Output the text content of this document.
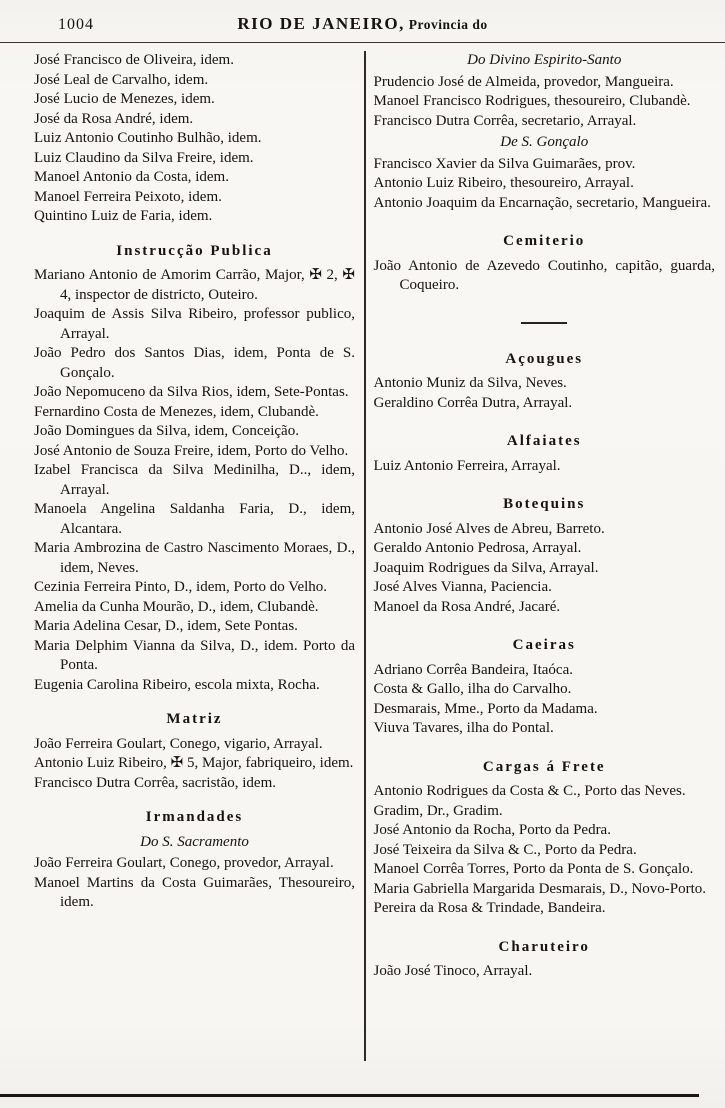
1004	RIO DE JANEIRO, Provincia do

José Francisco de Oliveira, idem.

José Leal de Carvalho, idem.

José Lucio de Menezes, idem.

José da Rosa André, idem.

Luiz Antonio Coutinho Bulhão, idem.

Luiz Claudino da Silva Freire, idem.

Manoel Antonio da Costa, idem.

Manoel Ferreira Peixoto, idem.

Quintino Luiz de Faria, idem.

Instrucção Publica

Mariano Antonio de Amorim Carrão, Major, ✠ 2, ✠ 4, inspector de districto, Outeiro.

Joaquim de Assis Silva Ribeiro, professor publico, Arrayal.

João Pedro dos Santos Dias, idem, Ponta de S. Gonçalo.

João Nepomuceno da Silva Rios, idem, Sete-Pontas.

Fernardino Costa de Menezes, idem, Clubandè.

João Domingues da Silva, idem, Conceição.

José Antonio de Souza Freire, idem, Porto do Velho.

Izabel Francisca da Silva Medinilha, D.., idem, Arrayal.

Manoela Angelina Saldanha Faria, D., idem, Alcantara.

Maria Ambrozina de Castro Nascimento Moraes, D., idem, Neves.

Cezinia Ferreira Pinto, D., idem, Porto do Velho.

Amelia da Cunha Mourão, D., idem, Clubandè.

Maria Adelina Cesar, D., idem, Sete Pontas.

Maria Delphim Vianna da Silva, D., idem. Porto da Ponta.

Eugenia Carolina Ribeiro, escola mixta, Rocha.

Matriz

João Ferreira Goulart, Conego, vigario, Arrayal.

Antonio Luiz Ribeiro, ✠ 5, Major, fabriqueiro, idem.

Francisco Dutra Corrêa, sacristão, idem.

Irmandades

Do S. Sacramento

João Ferreira Goulart, Conego, provedor, Arrayal.

Manoel Martins da Costa Guimarães, Thesoureiro, idem.

Do Divino Espirito-Santo

Prudencio José de Almeida, provedor, Mangueira.

Manoel Francisco Rodrigues, thesoureiro, Clubandè.

Francisco Dutra Corrêa, secretario, Arrayal.

De S. Gonçalo

Francisco Xavier da Silva Guimarães, prov.

Antonio Luiz Ribeiro, thesoureiro, Arrayal.

Antonio Joaquim da Encarnação, secretario, Mangueira.

Cemiterio

João Antonio de Azevedo Coutinho, capitão, guarda, Coqueiro.

Açougues

Antonio Muniz da Silva, Neves.

Geraldino Corrêa Dutra, Arrayal.

Alfaiates

Luiz Antonio Ferreira, Arrayal.

Botequins

Antonio José Alves de Abreu, Barreto.

Geraldo Antonio Pedrosa, Arrayal.

Joaquim Rodrigues da Silva, Arrayal.

José Alves Vianna, Paciencia.

Manoel da Rosa André, Jacaré.

Caeiras

Adriano Corrêa Bandeira, Itaóca.

Costa & Gallo, ilha do Carvalho.

Desmarais, Mme., Porto da Madama.

Viuva Tavares, ilha do Pontal.

Cargas á Frete

Antonio Rodrigues da Costa & C., Porto das Neves.

Gradim, Dr., Gradim.

José Antonio da Rocha, Porto da Pedra.

José Teixeira da Silva & C., Porto da Pedra.

Manoel Corrêa Torres, Porto da Ponta de S. Gonçalo.

Maria Gabriella Margarida Desmarais, D., Novo-Porto.

Pereira da Rosa & Trindade, Bandeira.

Charuteiro

João José Tinoco, Arrayal.
